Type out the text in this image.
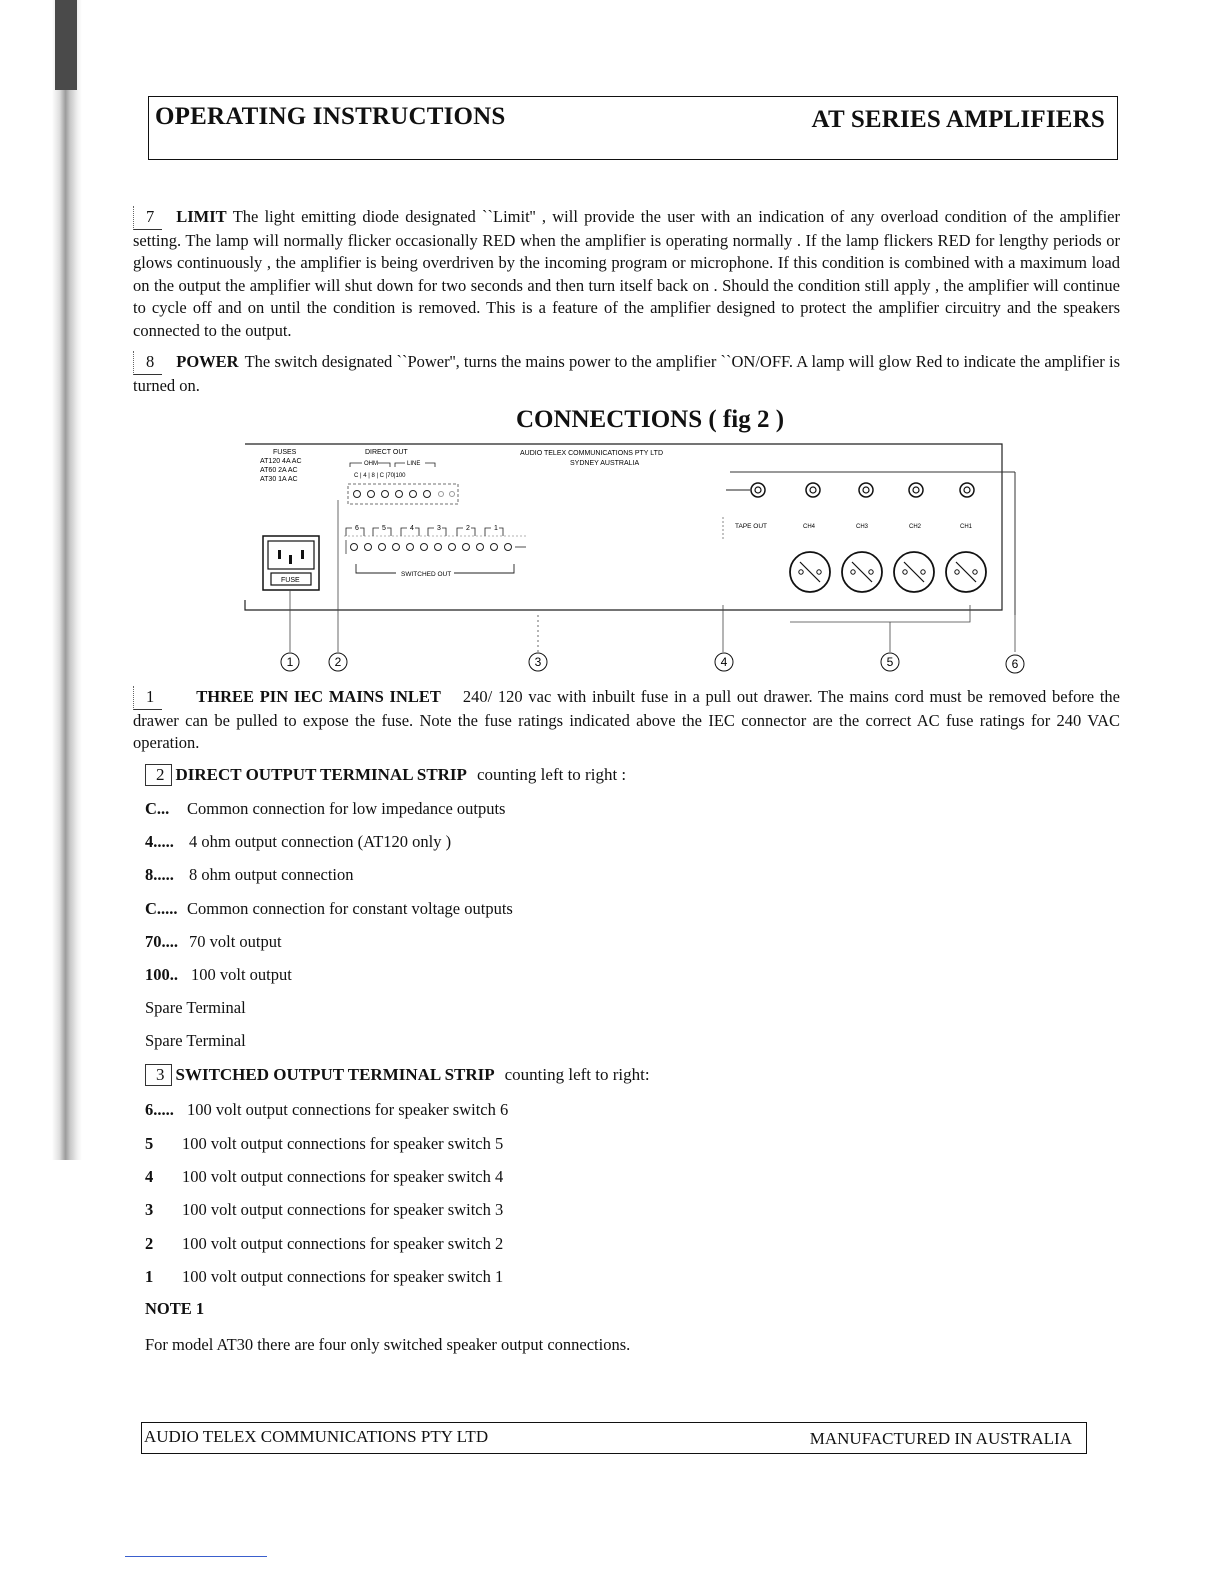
OPERATING INSTRUCTIONS	AT SERIES AMPLIFIERS
7 LIMIT The light emitting diode designated ``Limit'' , will provide the user with an indication of any overload condition of the amplifier setting. The lamp will normally flicker occasionally RED when the amplifier is operating normally . If the lamp flickers RED for lengthy periods or glows continuously , the amplifier is being overdriven by the incoming program or microphone. If this condition is combined with a maximum load on the output the amplifier will shut down for two seconds and then turn itself back on . Should the condition still apply , the amplifier will continue to cycle off and on until the condition is removed. This is a feature of the amplifier designed to protect the amplifier circuitry and the speakers connected to the output.
8 POWER The switch designated ``Power'', turns the mains power to the amplifier ``ON/OFF. A lamp will glow Red to indicate the amplifier is turned on.
CONNECTIONS ( fig 2 )
FUSES
AT120 4A AC
AT60 2A AC
AT30 1A AC
DIRECT OUT
OHM	LINE
C | 4 | 8 | C |70|100
AUDIO TELEX COMMUNICATIONS PTY LTD
SYDNEY AUSTRALIA
6	5	4	3	2	1
SWITCHED OUT
FUSE
TAPE OUT	CH4	CH3	CH2	CH1
1	2	3	4	5	6
1	THREE PIN IEC MAINS INLET 240/ 120 vac with inbuilt fuse in a pull out drawer. The mains cord must be removed before the drawer can be pulled to expose the fuse. Note the fuse ratings indicated above the IEC connector are the correct AC fuse ratings for 240 VAC operation.
2 DIRECT OUTPUT TERMINAL STRIP counting left to right :
C... Common connection for low impedance outputs
4..... 4 ohm output connection (AT120 only )
8..... 8 ohm output connection
C..... Common connection for constant voltage outputs
70.... 70 volt output
100.. 100 volt output
Spare Terminal
Spare Terminal
3 SWITCHED OUTPUT TERMINAL STRIP counting left to right:
6..... 100 volt output connections for speaker switch 6
5 100 volt output connections for speaker switch 5
4 100 volt output connections for speaker switch 4
3 100 volt output connections for speaker switch 3
2 100 volt output connections for speaker switch 2
1 100 volt output connections for speaker switch 1
NOTE 1
For model AT30 there are four only switched speaker output connections.
AUDIO TELEX COMMUNICATIONS PTY LTD	MANUFACTURED IN AUSTRALIA
